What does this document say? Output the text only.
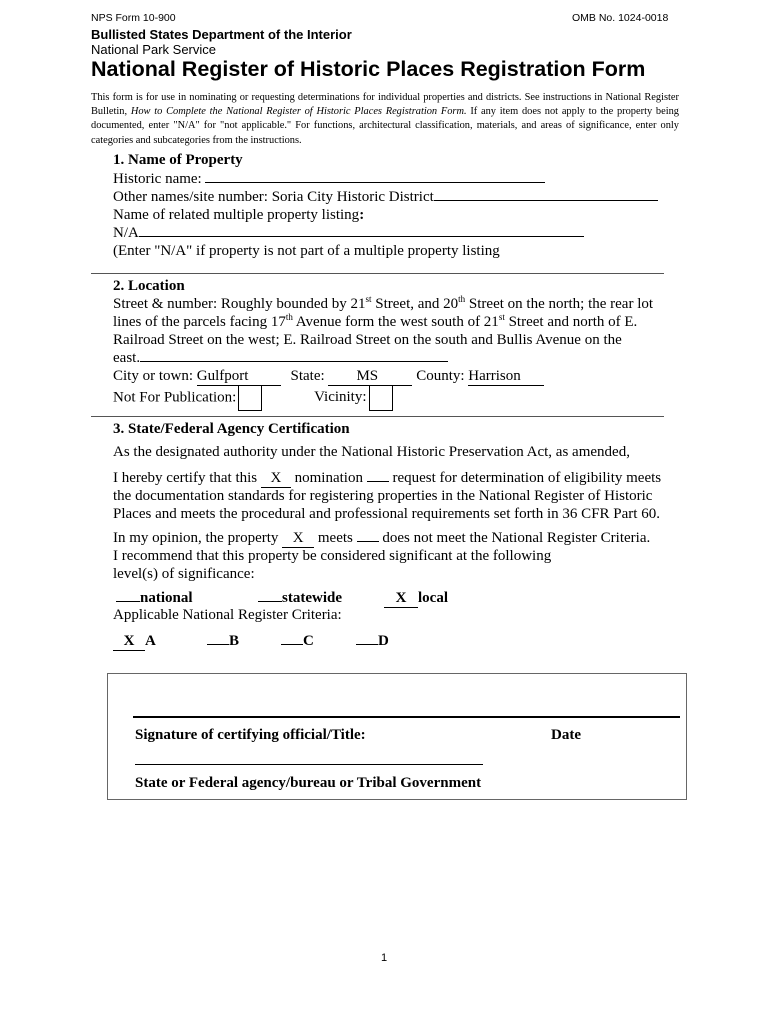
NPS Form 10-900	OMB No. 1024-0018
Bullisted States Department of the Interior
National Park Service
National Register of Historic Places Registration Form
This form is for use in nominating or requesting determinations for individual properties and districts. See instructions in National Register Bulletin, How to Complete the National Register of Historic Places Registration Form. If any item does not apply to the property being documented, enter "N/A" for "not applicable." For functions, architectural classification, materials, and areas of significance, enter only categories and subcategories from the instructions.
1. Name of Property
Historic name:
Other names/site number: Soria City Historic District
Name of related multiple property listing:
N/A
(Enter "N/A" if property is not part of a multiple property listing
2. Location
Street & number: Roughly bounded by 21st Street, and 20th Street on the north; the rear lot
lines of the parcels facing 17th Avenue form the west south of 21st Street and north of E.
Railroad Street on the west; E. Railroad Street on the south and Bullis Avenue on the
east.
City or town: Gulfport	State: MS	County: Harrison
Not For Publication:	Vicinity:
3. State/Federal Agency Certification
As the designated authority under the National Historic Preservation Act, as amended,
I hereby certify that this X nomination  request for determination of eligibility meets
the documentation standards for registering properties in the National Register of Historic
Places and meets the procedural and professional requirements set forth in 36 CFR Part 60.
In my opinion, the property X meets  does not meet the National Register Criteria.
I recommend that this property be considered significant at the following
level(s) of significance:
national	statewide	X local
Applicable National Register Criteria:
X A	B	C	D
Signature of certifying official/Title:	Date
State or Federal agency/bureau or Tribal Government
1
